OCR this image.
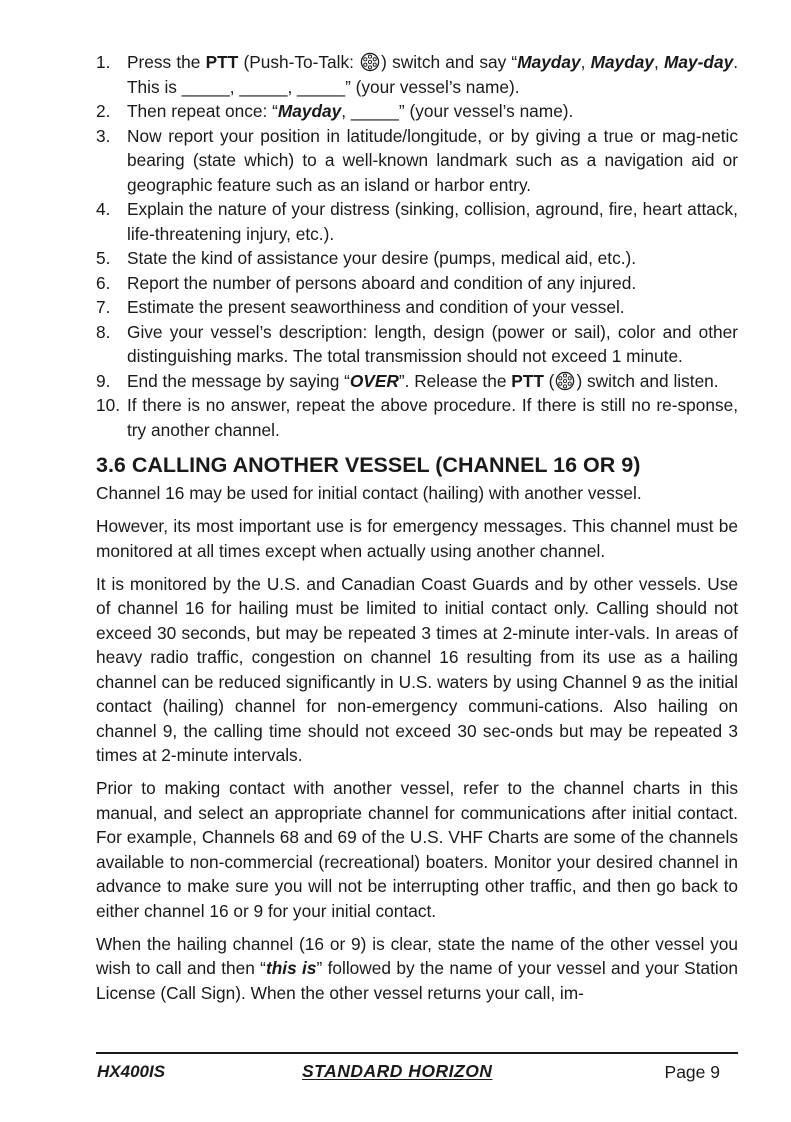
1. Press the PTT (Push-To-Talk: ) switch and say “Mayday, Mayday, May-day. This is _____, _____, _____” (your vessel’s name).
2. Then repeat once: “Mayday, _____” (your vessel’s name).
3. Now report your position in latitude/longitude, or by giving a true or mag-netic bearing (state which) to a well-known landmark such as a navigation aid or geographic feature such as an island or harbor entry.
4. Explain the nature of your distress (sinking, collision, aground, fire, heart attack, life-threatening injury, etc.).
5. State the kind of assistance your desire (pumps, medical aid, etc.).
6. Report the number of persons aboard and condition of any injured.
7. Estimate the present seaworthiness and condition of your vessel.
8. Give your vessel’s description: length, design (power or sail), color and other distinguishing marks. The total transmission should not exceed 1 minute.
9. End the message by saying “OVER”. Release the PTT ( ) switch and listen.
10. If there is no answer, repeat the above procedure. If there is still no re-sponse, try another channel.
3.6 CALLING ANOTHER VESSEL (CHANNEL 16 OR 9)

Channel 16 may be used for initial contact (hailing) with another vessel.

However, its most important use is for emergency messages. This channel must be monitored at all times except when actually using another channel.

It is monitored by the U.S. and Canadian Coast Guards and by other vessels. Use of channel 16 for hailing must be limited to initial contact only. Calling should not exceed 30 seconds, but may be repeated 3 times at 2-minute inter-vals. In areas of heavy radio traffic, congestion on channel 16 resulting from its use as a hailing channel can be reduced significantly in U.S. waters by using Channel 9 as the initial contact (hailing) channel for non-emergency communi-cations. Also hailing on channel 9, the calling time should not exceed 30 sec-onds but may be repeated 3 times at 2-minute intervals.

Prior to making contact with another vessel, refer to the channel charts in this manual, and select an appropriate channel for communications after initial contact. For example, Channels 68 and 69 of the U.S. VHF Charts are some of the channels available to non-commercial (recreational) boaters. Monitor your desired channel in advance to make sure you will not be interrupting other traffic, and then go back to either channel 16 or 9 for your initial contact.

When the hailing channel (16 or 9) is clear, state the name of the other vessel you wish to call and then “this is” followed by the name of your vessel and your Station License (Call Sign). When the other vessel returns your call, im-

HX400IS	STANDARD HORIZON	Page 9
